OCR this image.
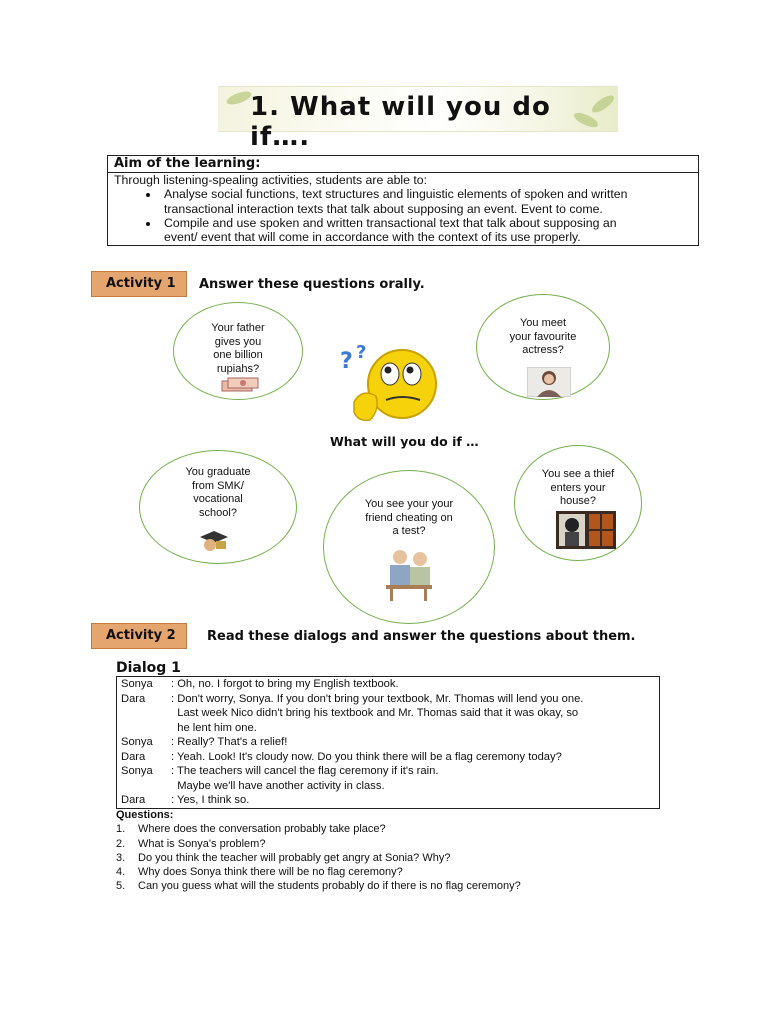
1. What will you do if….
Aim of the learning:
Through listening-spealing activities, students are able to:
• Analyse social functions, text structures and linguistic elements of spoken and written
transactional interaction texts that talk about supposing an event. Event to come.
• Compile and use spoken and written transactional text that talk about supposing an
event/ event that will come in accordance with the context of its use properly.
Activity 1	Answer these questions orally.
Your father
gives you
one billion
rupiahs?
You meet
your favourite
actress?
? ?
What will you do if …
You graduate
from SMK/
vocational
school?
You see your your
friend cheating on
a test?
You see a thief
enters your
house?
Activity 2	Read these dialogs and answer the questions about them.
Dialog 1
Sonya : Oh, no. I forgot to bring my English textbook.
Dara : Don't worry, Sonya. If you don't bring your textbook, Mr. Thomas will lend you one.
Last week Nico didn't bring his textbook and Mr. Thomas said that it was okay, so
he lent him one.
Sonya : Really? That's a relief!
Dara : Yeah. Look! It's cloudy now. Do you think there will be a flag ceremony today?
Sonya : The teachers will cancel the flag ceremony if it's rain.
Maybe we'll have another activity in class.
Dara : Yes, I think so.
Questions:
1. Where does the conversation probably take place?
2. What is Sonya's problem?
3. Do you think the teacher will probably get angry at Sonia? Why?
4. Why does Sonya think there will be no flag ceremony?
5. Can you guess what will the students probably do if there is no flag ceremony?
